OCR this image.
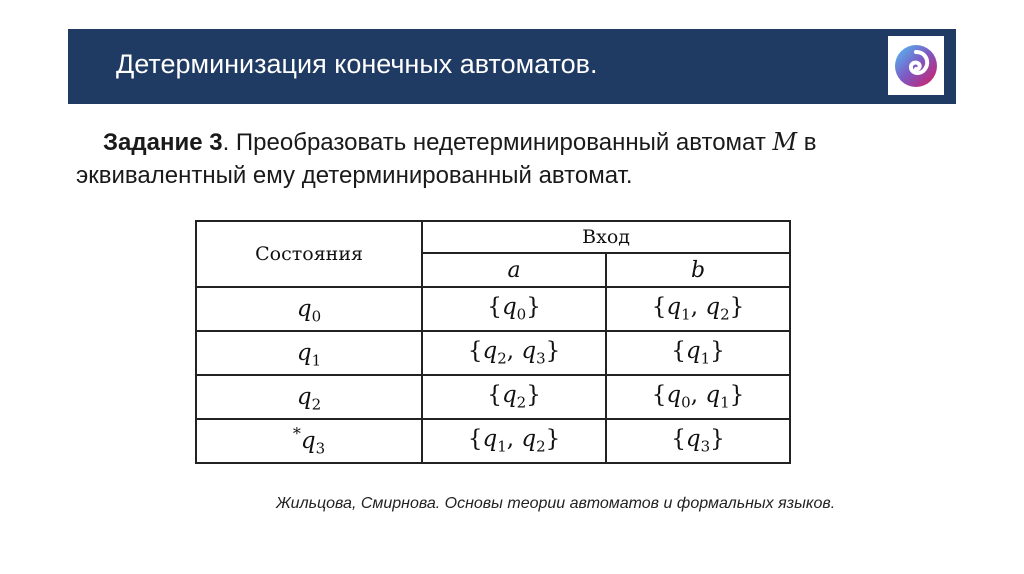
Детерминизация конечных автоматов.
Задание 3. Преобразовать недетерминированный автомат M в
эквивалентный ему детерминированный автомат.
Состояния	Вход	
	a	b
$q_0$	$\{q_0\}$	{$q_1$, $q_2$}
$q_1$	{$q_2$, $q_3$}	$\{q_1\}$
$q_2$	$\{q_2\}$	{$q_0$, $q_1$}
$^*q_3$	{$q_1$, $q_2$}	$\{q_3\}$
Жильцова, Смирнова. Основы теории автоматов и формальных языков.
